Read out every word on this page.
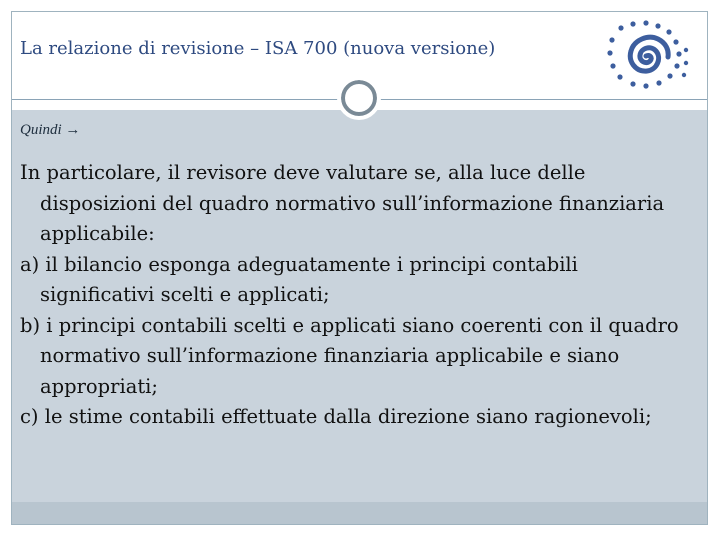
La relazione di revisione – ISA 700 (nuova versione)
Quindi →

In particolare, il revisore deve valutare se, alla luce delle disposizioni del quadro normativo sull’informazione finanziaria applicabile:

a) il bilancio esponga adeguatamente i principi contabili significativi scelti e applicati;

b) i principi contabili scelti e applicati siano coerenti con il quadro normativo sull’informazione finanziaria applicabile e siano appropriati;

c) le stime contabili effettuate dalla direzione siano ragionevoli;
